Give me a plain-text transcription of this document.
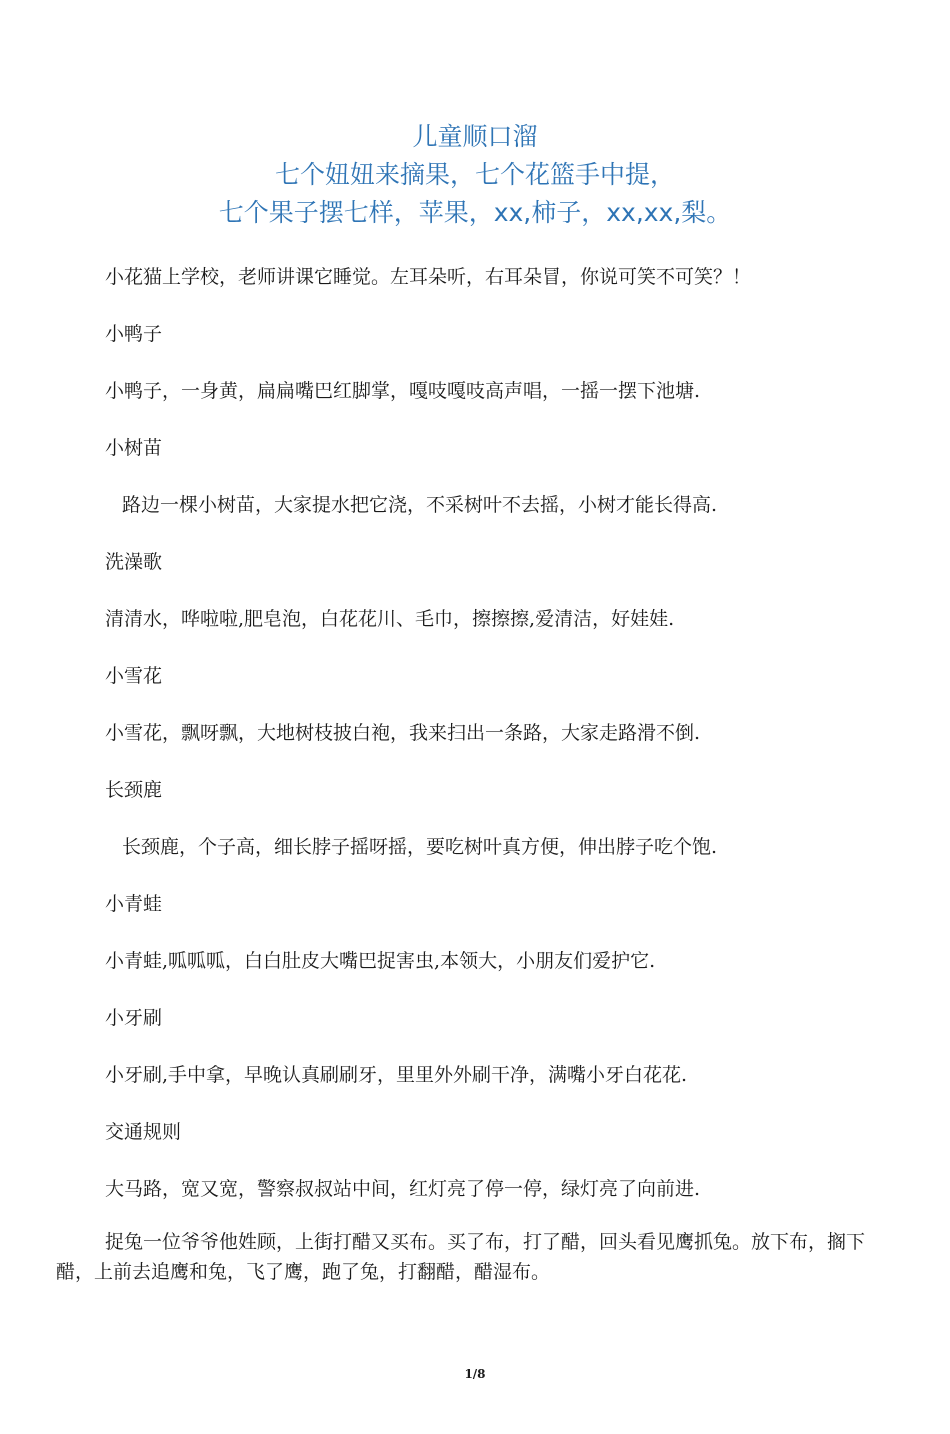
儿童顺口溜
七个妞妞来摘果，七个花篮手中提，
七个果子摆七样，苹果，xx,柿子，xx,xx,梨。

小花猫上学校，老师讲课它睡觉。左耳朵听，右耳朵冒，你说可笑不可笑？！

小鸭子

小鸭子，一身黄，扁扁嘴巴红脚掌，嘎吱嘎吱高声唱，一摇一摆下池塘.

小树苗

路边一棵小树苗，大家提水把它浇，不采树叶不去摇，小树才能长得高.

洗澡歌

清清水，哗啦啦,肥皂泡，白花花川、毛巾，擦擦擦,爱清洁，好娃娃.

小雪花

小雪花，飘呀飘，大地树枝披白袍，我来扫出一条路，大家走路滑不倒.

长颈鹿

长颈鹿，个子高，细长脖子摇呀摇，要吃树叶真方便，伸出脖子吃个饱.

小青蛙

小青蛙,呱呱呱，白白肚皮大嘴巴捉害虫,本领大，小朋友们爱护它.

小牙刷

小牙刷,手中拿，早晚认真刷刷牙，里里外外刷干净，满嘴小牙白花花.

交通规则

大马路，宽又宽，警察叔叔站中间，红灯亮了停一停，绿灯亮了向前进.

捉兔一位爷爷他姓顾，上街打醋又买布。买了布，打了醋，回头看见鹰抓兔。放下布，搁下醋，上前去追鹰和兔，飞了鹰，跑了兔，打翻醋，醋湿布。

1/8
